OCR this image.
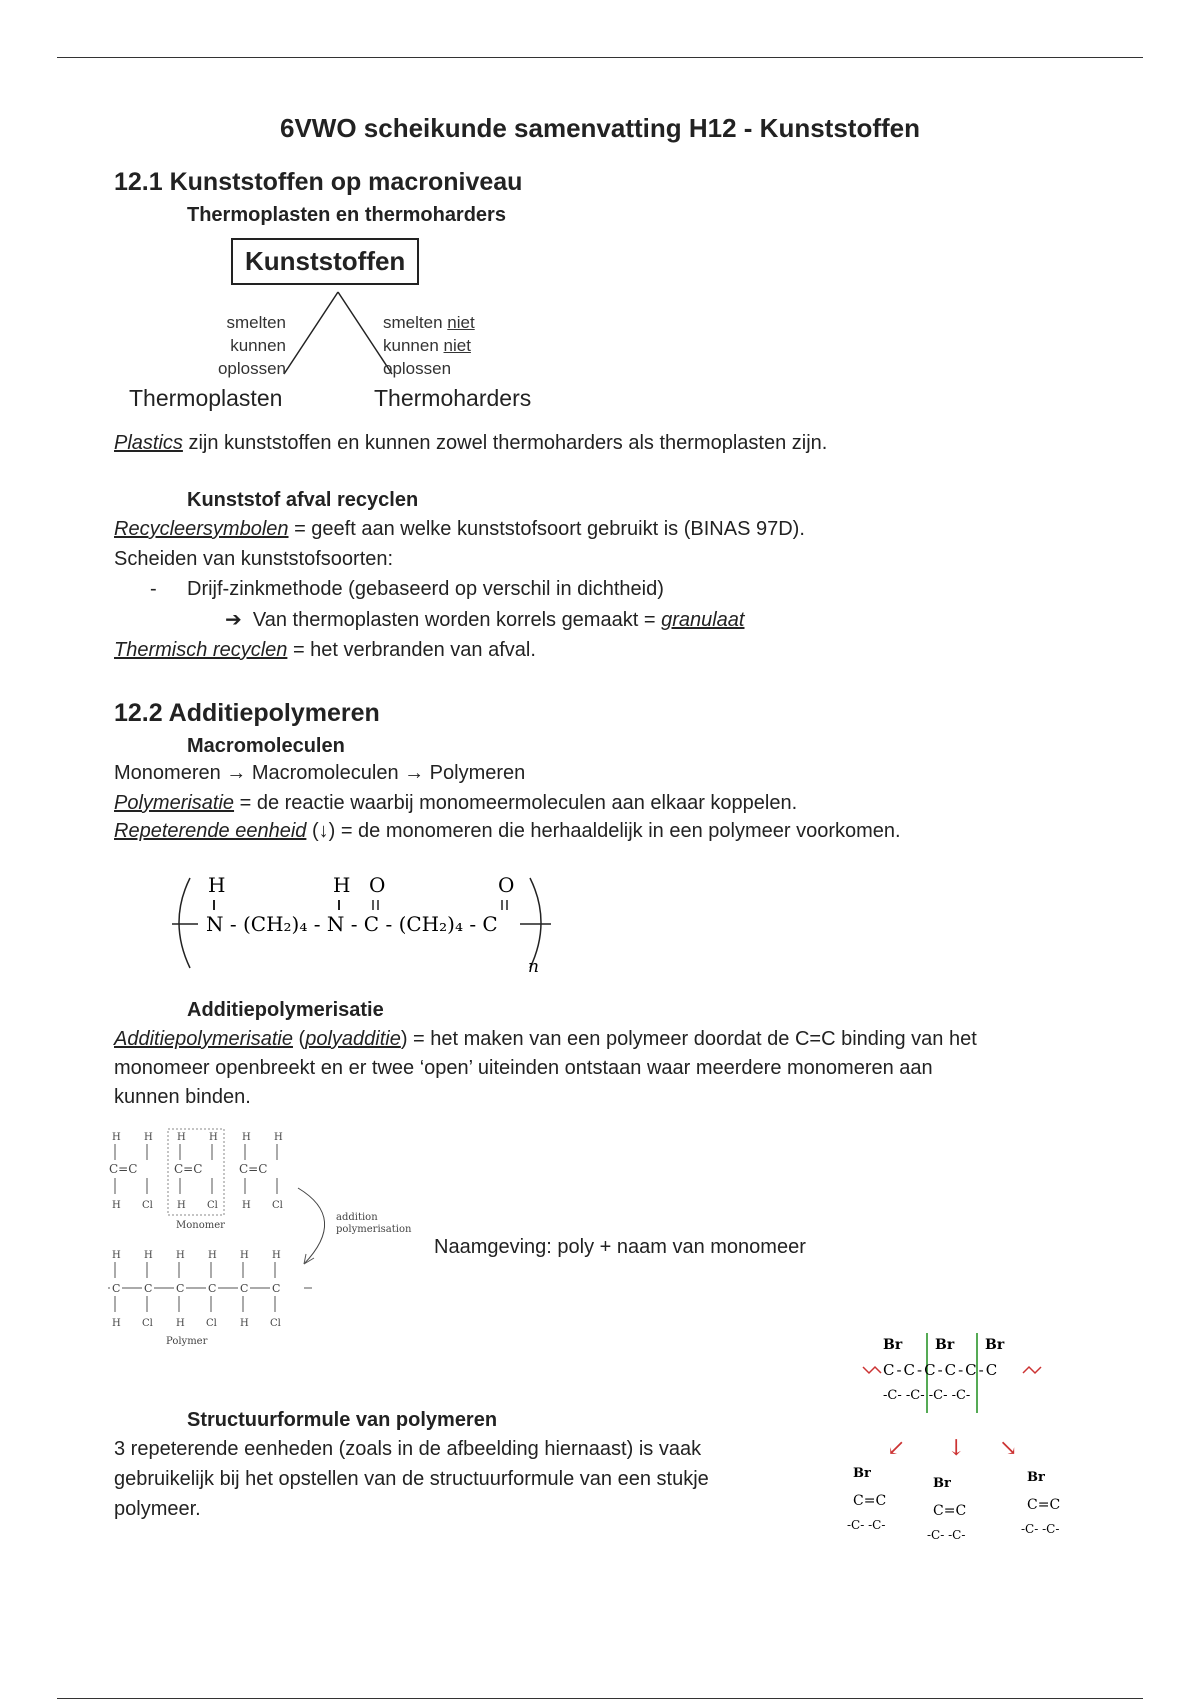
6VWO scheikunde samenvatting H12 - Kunststoffen
12.1 Kunststoffen op macroniveau
Thermoplasten en thermoharders
Kunststoffen
smelten
kunnen
oplossen
smelten niet
kunnen niet
oplossen
Thermoplasten	Thermoharders
Plastics zijn kunststoffen en kunnen zowel thermoharders als thermoplasten zijn.
Kunststof afval recyclen
Recycleersymbolen = geeft aan welke kunststofsoort gebruikt is (BINAS 97D).
Scheiden van kunststofsoorten:
- Drijf-zinkmethode (gebaseerd op verschil in dichtheid)
➔ Van thermoplasten worden korrels gemaakt = granulaat
Thermisch recyclen = het verbranden van afval.
12.2 Additiepolymeren
Macromoleculen
Monomeren → Macromoleculen → Polymeren
Polymerisatie = de reactie waarbij monomeermoleculen aan elkaar koppelen.
Repeterende eenheid (↓) = de monomeren die herhaaldelijk in een polymeer voorkomen.
H	H O	O
N - (CH₂)₄ - N - C - (CH₂)₄ - C
n
Additiepolymerisatie
Additiepolymerisatie (polyadditie) = het maken van een polymeer doordat de C=C binding van het
monomeer openbreekt en er twee ‘open’ uiteinden ontstaan waar meerdere monomeren aan
kunnen binden.
H H
C=C
H Cl
H H
C=C
H Cl
H H
C=C
H Cl
Monomer
addition
polymerisation
H
C
H
H
C
Cl
H
C
H
H
C
Cl
H
C
H
H
C
Cl
Polymer
Naamgeving: poly + naam van monomeer
Structuurformule van polymeren
3 repeterende eenheden (zoals in de afbeelding hiernaast) is vaak
gebruikelijk bij het opstellen van de structuurformule van een stukje
polymeer.
Br Br Br
C-C-C-C-C-C
-C- -C- -C- -C-
↙ ↓ ↘
Br
C=C
-C- -C-
Br
C=C
-C- -C-
Br
C=C
-C- -C-
